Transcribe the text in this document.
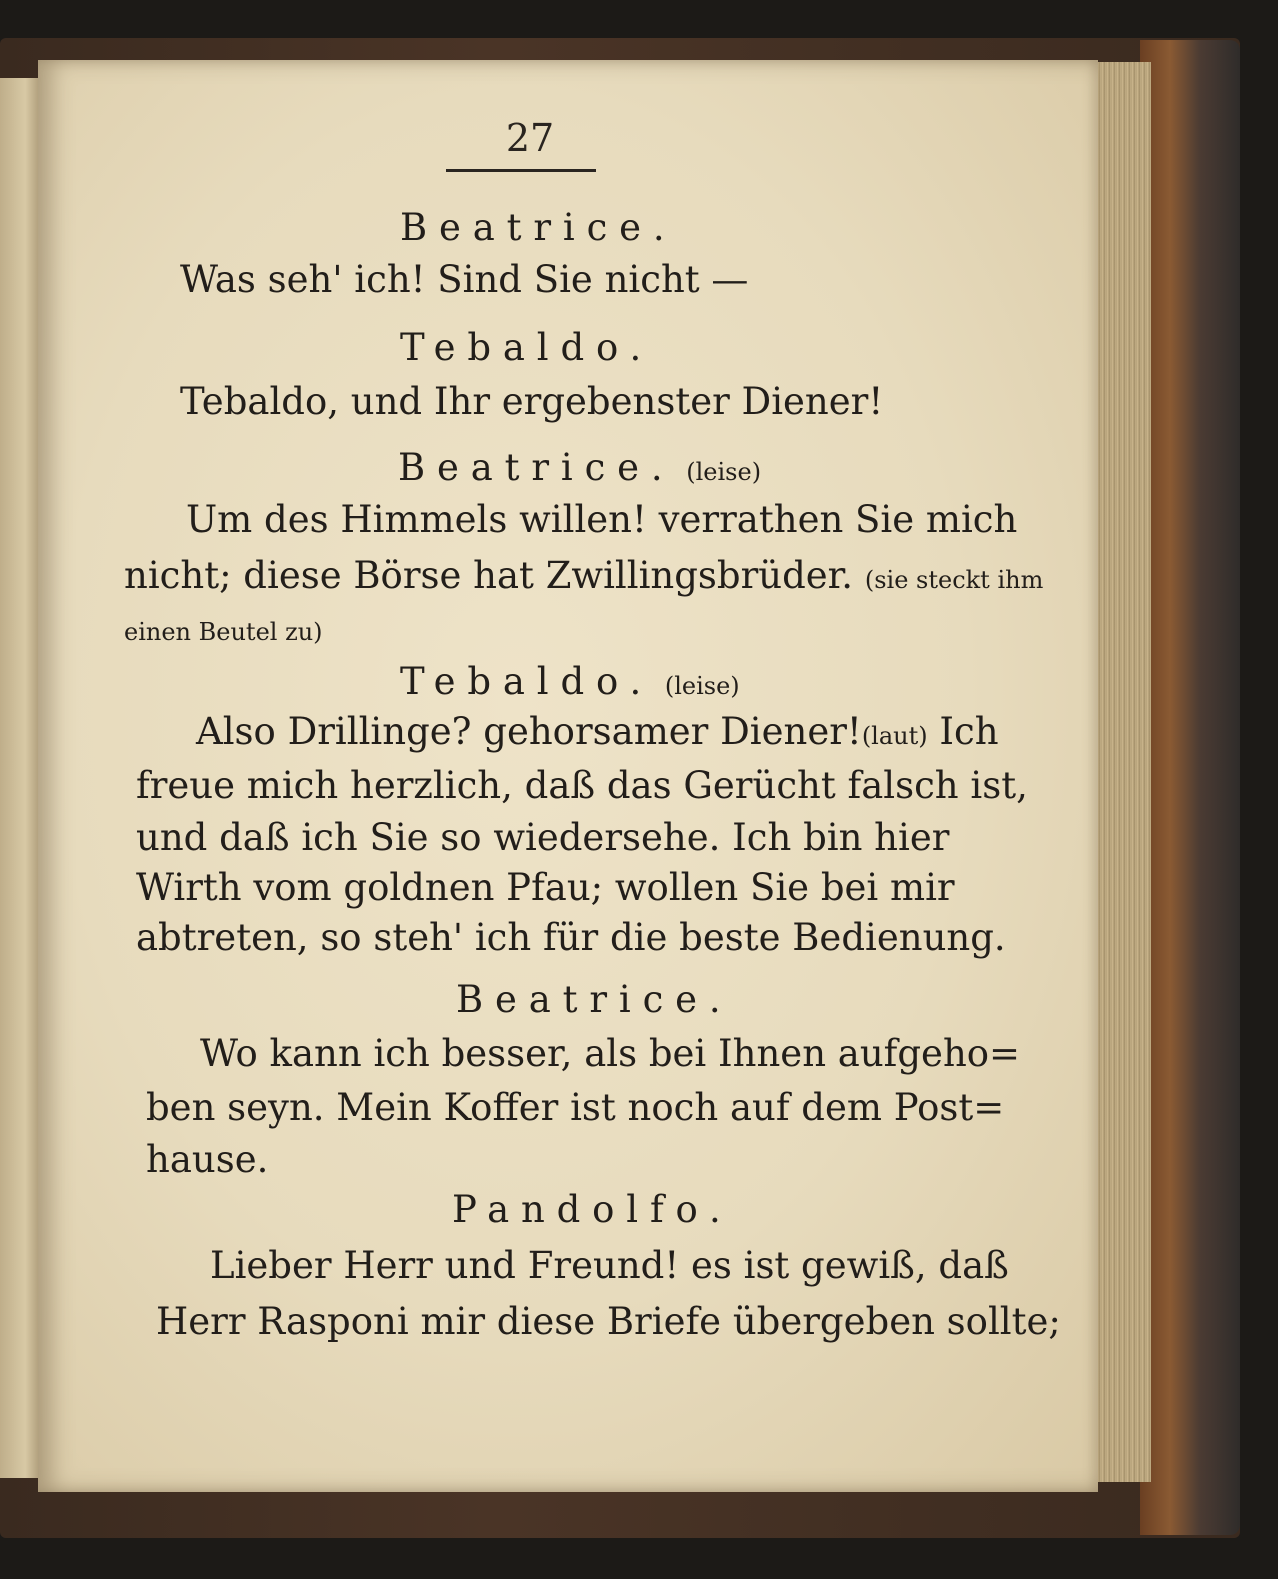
27
Beatrice.
Was seh' ich! Sind Sie nicht —
Tebaldo.
Tebaldo, und Ihr ergebenster Diener!
Beatrice. (leise)
Um des Himmels willen! verrathen Sie mich
nicht; diese Börse hat Zwillingsbrüder. (sie steckt ihm
einen Beutel zu)
Tebaldo. (leise)
Also Drillinge? gehorsamer Diener! (laut) Ich
freue mich herzlich, daß das Gerücht falsch ist,
und daß ich Sie so wiedersehe. Ich bin hier
Wirth vom goldnen Pfau; wollen Sie bei mir
abtreten, so steh' ich für die beste Bedienung.
Beatrice.
Wo kann ich besser, als bei Ihnen aufgeho=
ben seyn. Mein Koffer ist noch auf dem Post=
hause.
Pandolfo.
Lieber Herr und Freund! es ist gewiß, daß
Herr Rasponi mir diese Briefe übergeben sollte;
